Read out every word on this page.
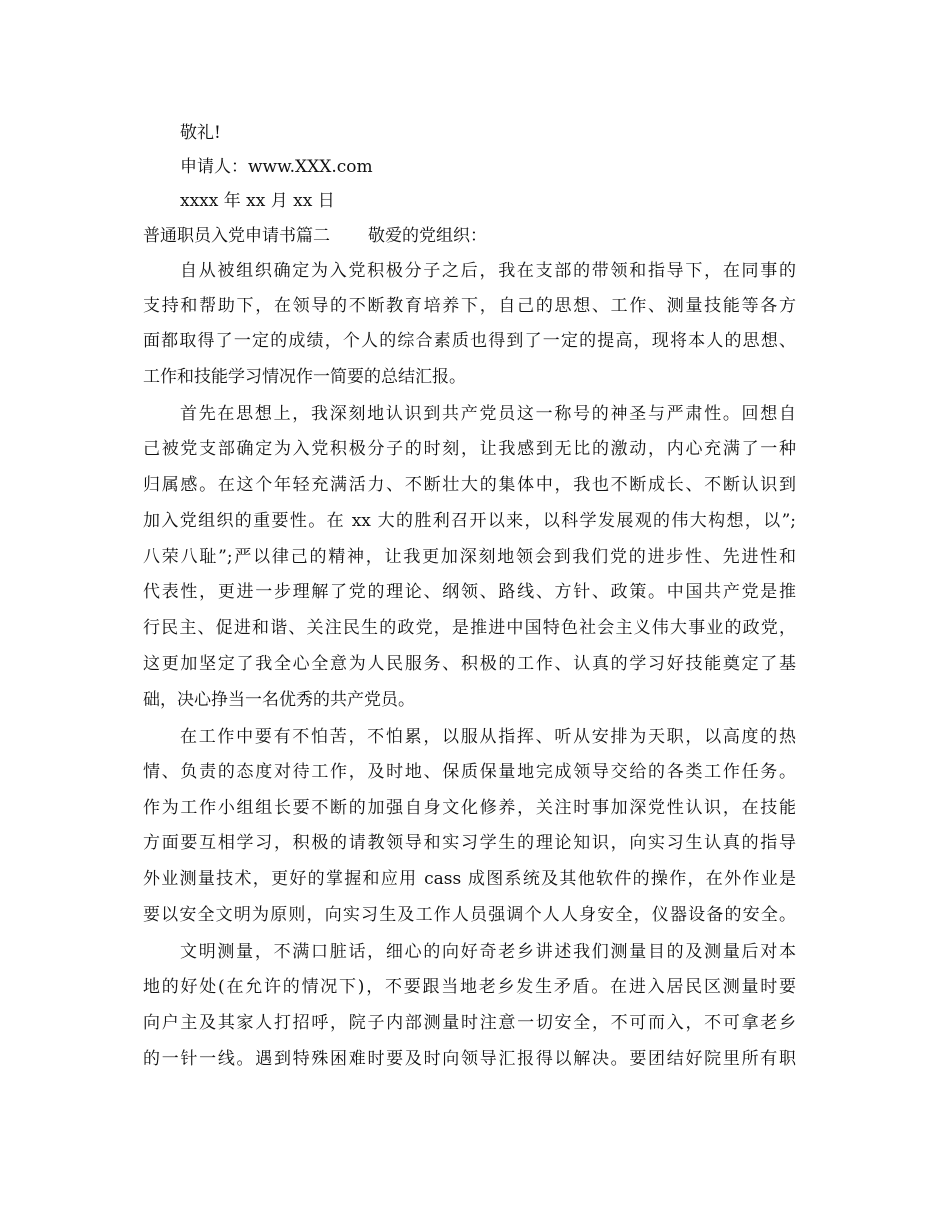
敬礼!
申请人：www.XXX.com
xxxx 年 xx 月 xx 日
普通职员入党申请书篇二 敬爱的党组织：
自从被组织确定为入党积极分子之后，我在支部的带领和指导下，在同事的
支持和帮助下，在领导的不断教育培养下，自己的思想、工作、测量技能等各方
面都取得了一定的成绩，个人的综合素质也得到了一定的提高，现将本人的思想、
工作和技能学习情况作一简要的总结汇报。
首先在思想上，我深刻地认识到共产党员这一称号的神圣与严肃性。回想自
己被党支部确定为入党积极分子的时刻，让我感到无比的激动，内心充满了一种
归属感。在这个年轻充满活力、不断壮大的集体中，我也不断成长、不断认识到
加入党组织的重要性。在 xx 大的胜利召开以来，以科学发展观的伟大构想，以”;
八荣八耻”;严以律己的精神，让我更加深刻地领会到我们党的进步性、先进性和
代表性，更进一步理解了党的理论、纲领、路线、方针、政策。中国共产党是推
行民主、促进和谐、关注民生的政党，是推进中国特色社会主义伟大事业的政党，
这更加坚定了我全心全意为人民服务、积极的工作、认真的学习好技能奠定了基
础，决心挣当一名优秀的共产党员。
在工作中要有不怕苦，不怕累，以服从指挥、听从安排为天职，以高度的热
情、负责的态度对待工作，及时地、保质保量地完成领导交给的各类工作任务。
作为工作小组组长要不断的加强自身文化修养，关注时事加深党性认识，在技能
方面要互相学习，积极的请教领导和实习学生的理论知识，向实习生认真的指导
外业测量技术，更好的掌握和应用 cass 成图系统及其他软件的操作，在外作业是
要以安全文明为原则，向实习生及工作人员强调个人人身安全，仪器设备的安全。
文明测量，不满口脏话，细心的向好奇老乡讲述我们测量目的及测量后对本
地的好处(在允许的情况下)，不要跟当地老乡发生矛盾。在进入居民区测量时要
向户主及其家人打招呼，院子内部测量时注意一切安全，不可而入，不可拿老乡
的一针一线。遇到特殊困难时要及时向领导汇报得以解决。要团结好院里所有职
